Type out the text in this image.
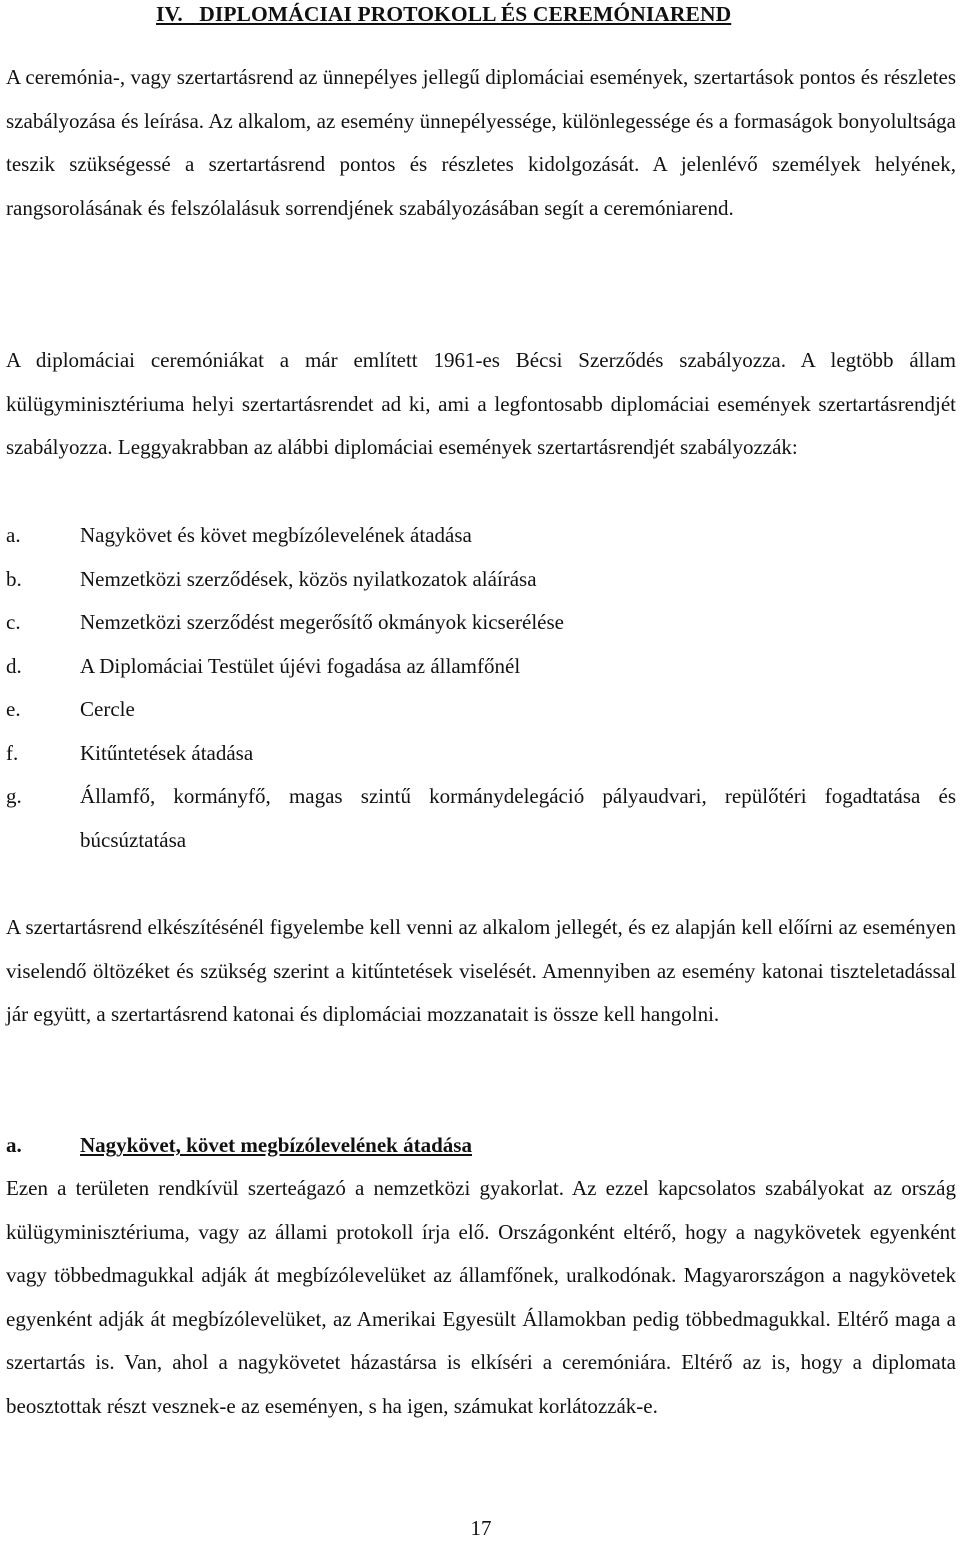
IV.   DIPLOMÁCIAI PROTOKOLL ÉS CEREMÓNIAREND

A ceremónia-, vagy szertartásrend az ünnepélyes jellegű diplomáciai események, szertartások pontos és részletes szabályozása és leírása. Az alkalom, az esemény ünnepélyessége, különlegessége és a formaságok bonyolultsága teszik szükségessé a szertartásrend pontos és részletes kidolgozását. A jelenlévő személyek helyének, rangsorolásának és felszólalásuk sorrendjének szabályozásában segít a ceremóniarend.

A diplomáciai ceremóniákat a már említett 1961-es Bécsi Szerződés szabályozza. A legtöbb állam külügyminisztériuma helyi szertartásrendet ad ki, ami a legfontosabb diplomáciai események szertartásrendjét szabályozza. Leggyakrabban az alábbi diplomáciai események szertartásrendjét szabályozzák:

a.	Nagykövet és követ megbízólevelének átadása
b.	Nemzetközi szerződések, közös nyilatkozatok aláírása
c.	Nemzetközi szerződést megerősítő okmányok kicserélése
d.	A Diplomáciai Testület újévi fogadása az államfőnél
e.	Cercle
f.	Kitűntetések átadása
g.	Államfő, kormányfő, magas szintű kormánydelegáció pályaudvari, repülőtéri fogadtatása és búcsúztatása

A szertartásrend elkészítésénél figyelembe kell venni az alkalom jellegét, és ez alapján kell előírni az eseményen viselendő öltözéket és szükség szerint a kitűntetések viselését. Amennyiben az esemény katonai tiszteletadással jár együtt, a szertartásrend katonai és diplomáciai mozzanatait is össze kell hangolni.

a.	Nagykövet, követ megbízólevelének átadása

Ezen a területen rendkívül szerteágazó a nemzetközi gyakorlat. Az ezzel kapcsolatos szabályokat az ország külügyminisztériuma, vagy az állami protokoll írja elő. Országonként eltérő, hogy a nagykövetek egyenként vagy többedmagukkal adják át megbízólevelüket az államfőnek, uralkodónak. Magyarországon a nagykövetek egyenként adják át megbízólevelüket, az Amerikai Egyesült Államokban pedig többedmagukkal. Eltérő maga a szertartás is. Van, ahol a nagykövetet házastársa is elkíséri a ceremóniára. Eltérő az is, hogy a diplomata beosztottak részt vesznek-e az eseményen, s ha igen, számukat korlátozzák-e.

17
